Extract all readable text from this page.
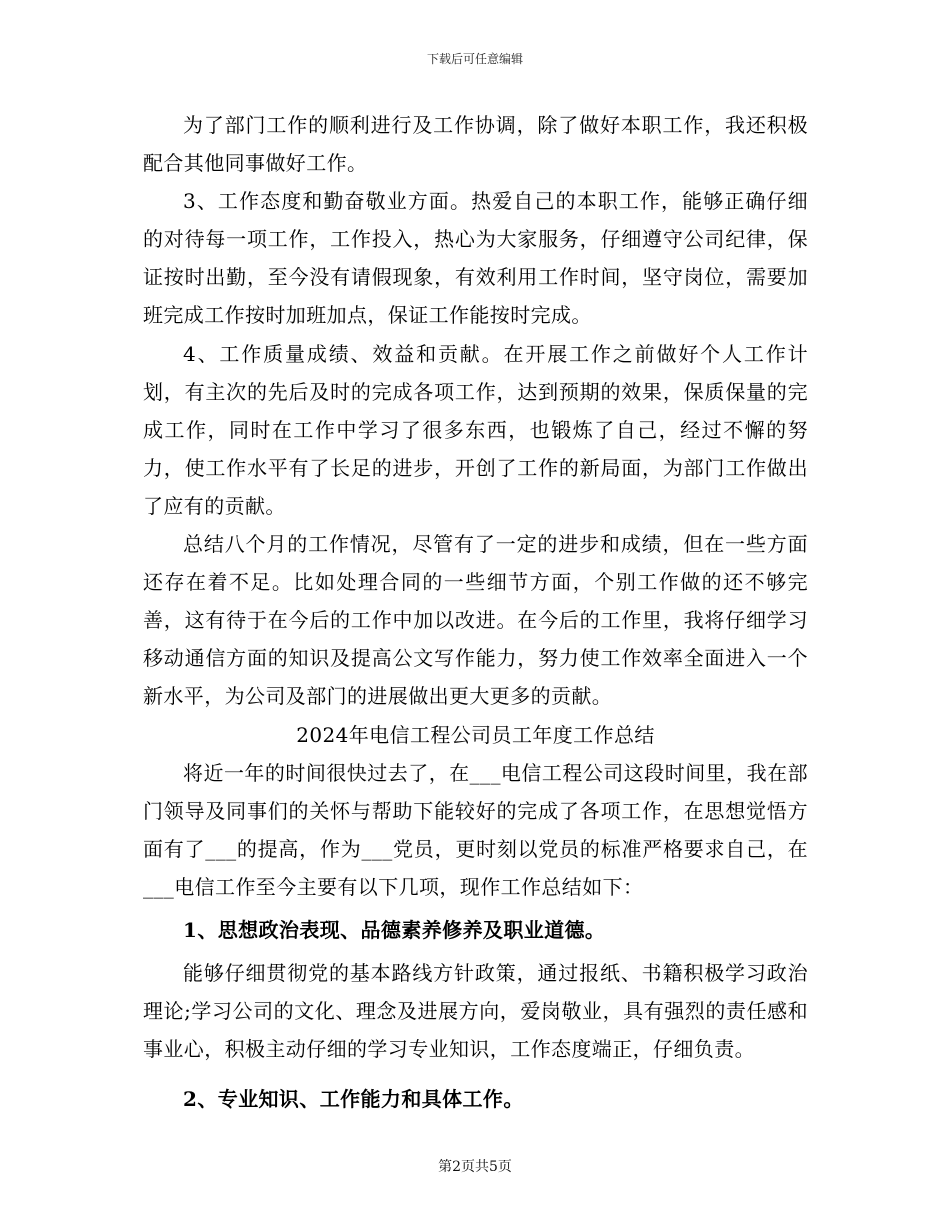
下载后可任意编辑

为了部门工作的顺利进行及工作协调，除了做好本职工作，我还积极配合其他同事做好工作。

3、工作态度和勤奋敬业方面。热爱自己的本职工作，能够正确仔细的对待每一项工作，工作投入，热心为大家服务，仔细遵守公司纪律，保证按时出勤，至今没有请假现象，有效利用工作时间，坚守岗位，需要加班完成工作按时加班加点，保证工作能按时完成。

4、工作质量成绩、效益和贡献。在开展工作之前做好个人工作计划，有主次的先后及时的完成各项工作，达到预期的效果，保质保量的完成工作，同时在工作中学习了很多东西，也锻炼了自己，经过不懈的努力，使工作水平有了长足的进步，开创了工作的新局面，为部门工作做出了应有的贡献。

总结八个月的工作情况，尽管有了一定的进步和成绩，但在一些方面还存在着不足。比如处理合同的一些细节方面，个别工作做的还不够完善，这有待于在今后的工作中加以改进。在今后的工作里，我将仔细学习移动通信方面的知识及提高公文写作能力，努力使工作效率全面进入一个新水平，为公司及部门的进展做出更大更多的贡献。

2024年电信工程公司员工年度工作总结

将近一年的时间很快过去了，在___电信工程公司这段时间里，我在部门领导及同事们的关怀与帮助下能较好的完成了各项工作，在思想觉悟方面有了___的提高，作为___党员，更时刻以党员的标准严格要求自己，在___电信工作至今主要有以下几项，现作工作总结如下：

1、思想政治表现、品德素养修养及职业道德。

能够仔细贯彻党的基本路线方针政策，通过报纸、书籍积极学习政治理论;学习公司的文化、理念及进展方向，爱岗敬业，具有强烈的责任感和事业心，积极主动仔细的学习专业知识，工作态度端正，仔细负责。

2、专业知识、工作能力和具体工作。

第2页共5页
